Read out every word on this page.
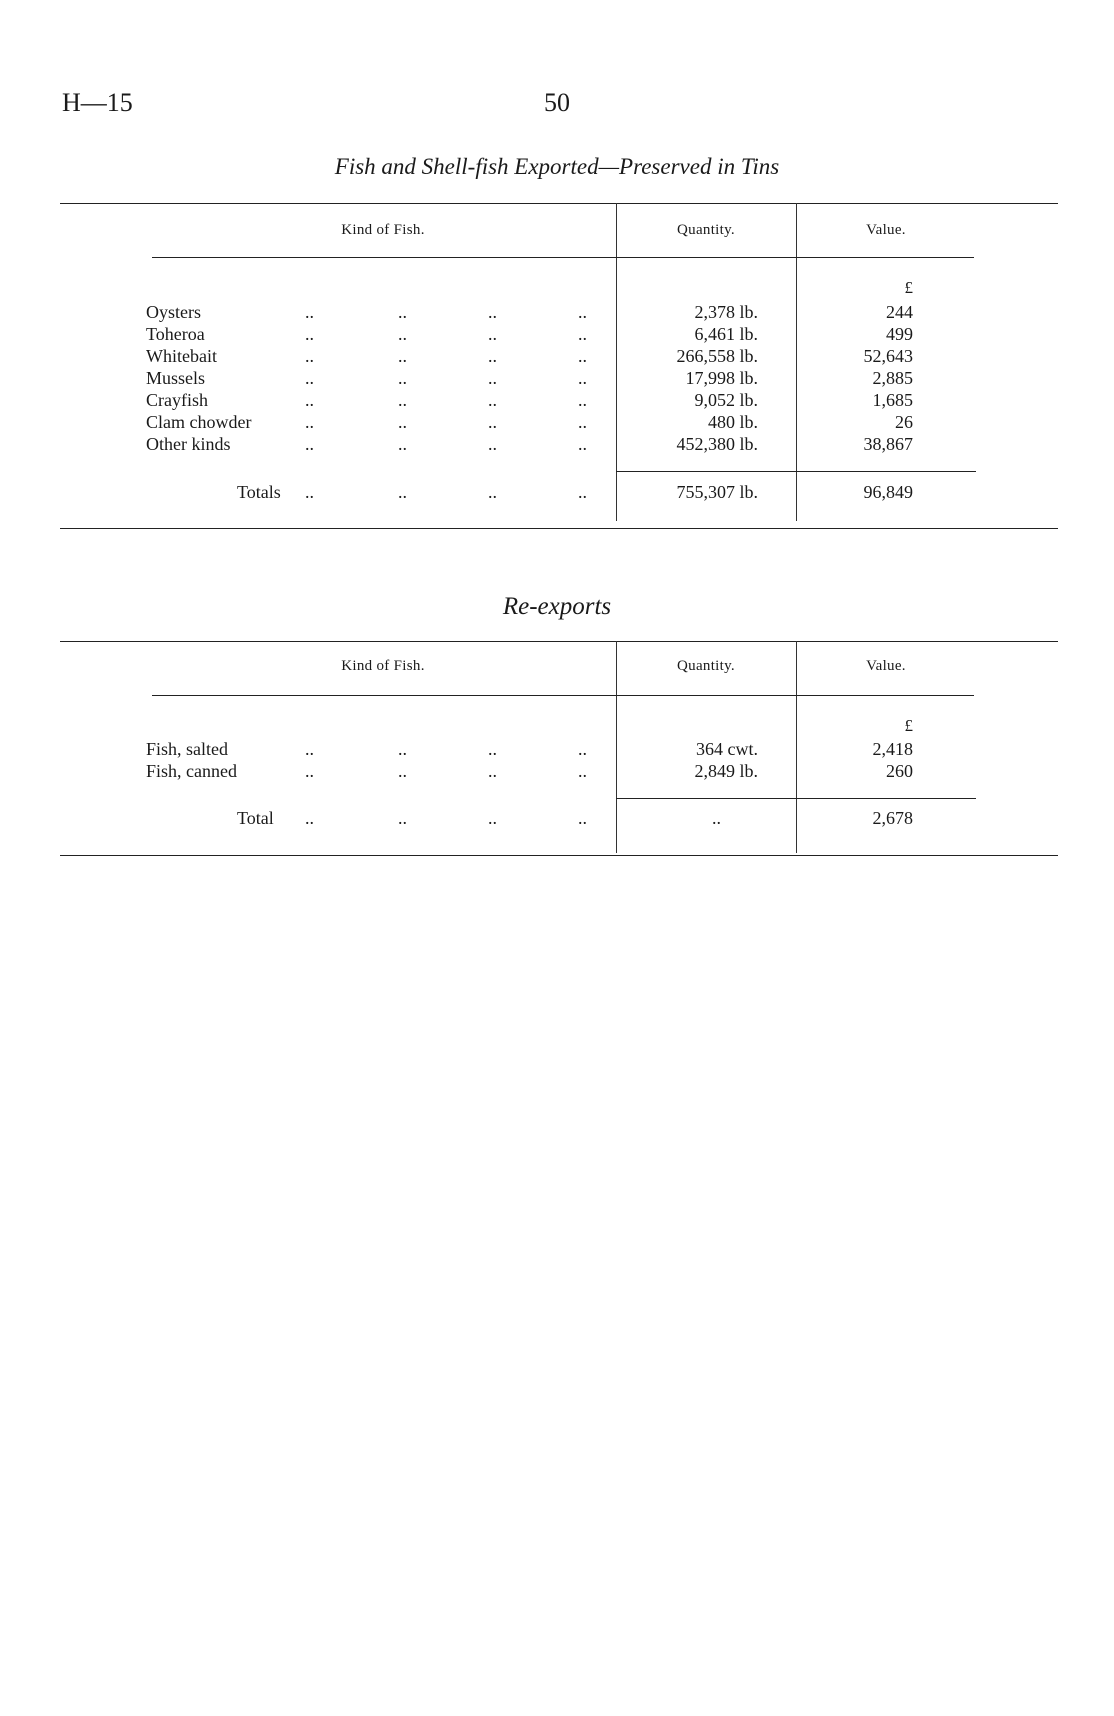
H—15	50
Fish and Shell-fish Exported—Preserved in Tins
Kind of Fish.	Quantity.	Value.
£
Oysters	..	..	..	..	2,378 lb.	244
Toheroa	..	..	..	..	6,461 lb.	499
Whitebait	..	..	..	..	266,558 lb.	52,643
Mussels	..	..	..	..	17,998 lb.	2,885
Crayfish	..	..	..	..	9,052 lb.	1,685
Clam chowder	..	..	..	..	480 lb.	26
Other kinds	..	..	..	..	452,380 lb.	38,867
Totals ..	..	..	..	755,307 lb.	96,849
Re-exports
Kind of Fish.	Quantity.	Value.
£
Fish, salted	..	..	..	..	364 cwt.	2,418
Fish, canned	..	..	..	..	2,849 lb.	260
Total ..	..	..	..	..	2,678
